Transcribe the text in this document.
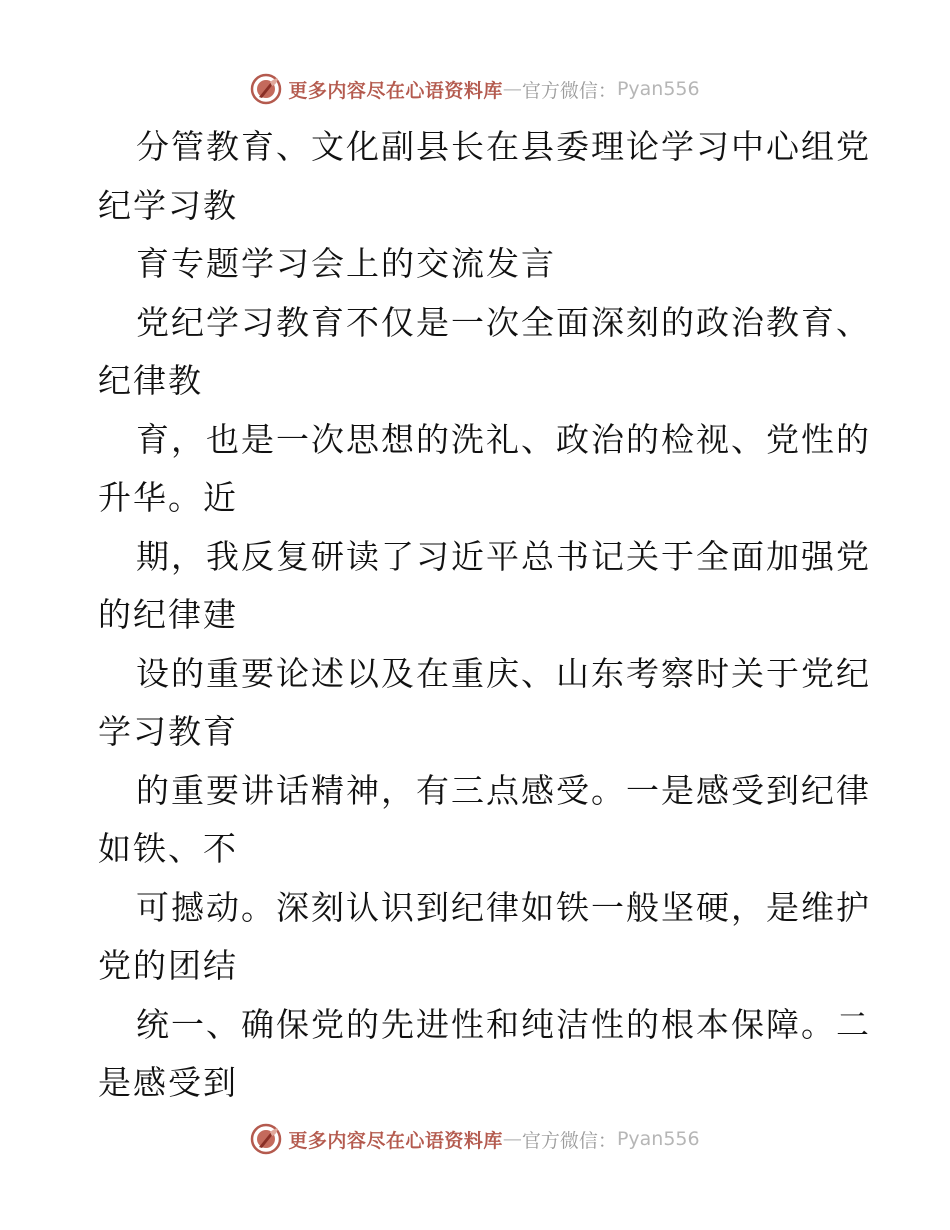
更多内容尽在心语资料库 — 官方微信： Pyan556
分管教育、文化副县长在县委理论学习中心组党
纪学习教
育专题学习会上的交流发言
党纪学习教育不仅是一次全面深刻的政治教育、
纪律教
育，也是一次思想的洗礼、政治的检视、党性的
升华。近
期，我反复研读了习近平总书记关于全面加强党
的纪律建
设的重要论述以及在重庆、山东考察时关于党纪
学习教育
的重要讲话精神，有三点感受。一是感受到纪律
如铁、不
可撼动。深刻认识到纪律如铁一般坚硬，是维护
党的团结
统一、确保党的先进性和纯洁性的根本保障。二
是感受到
更多内容尽在心语资料库 — 官方微信： Pyan556
